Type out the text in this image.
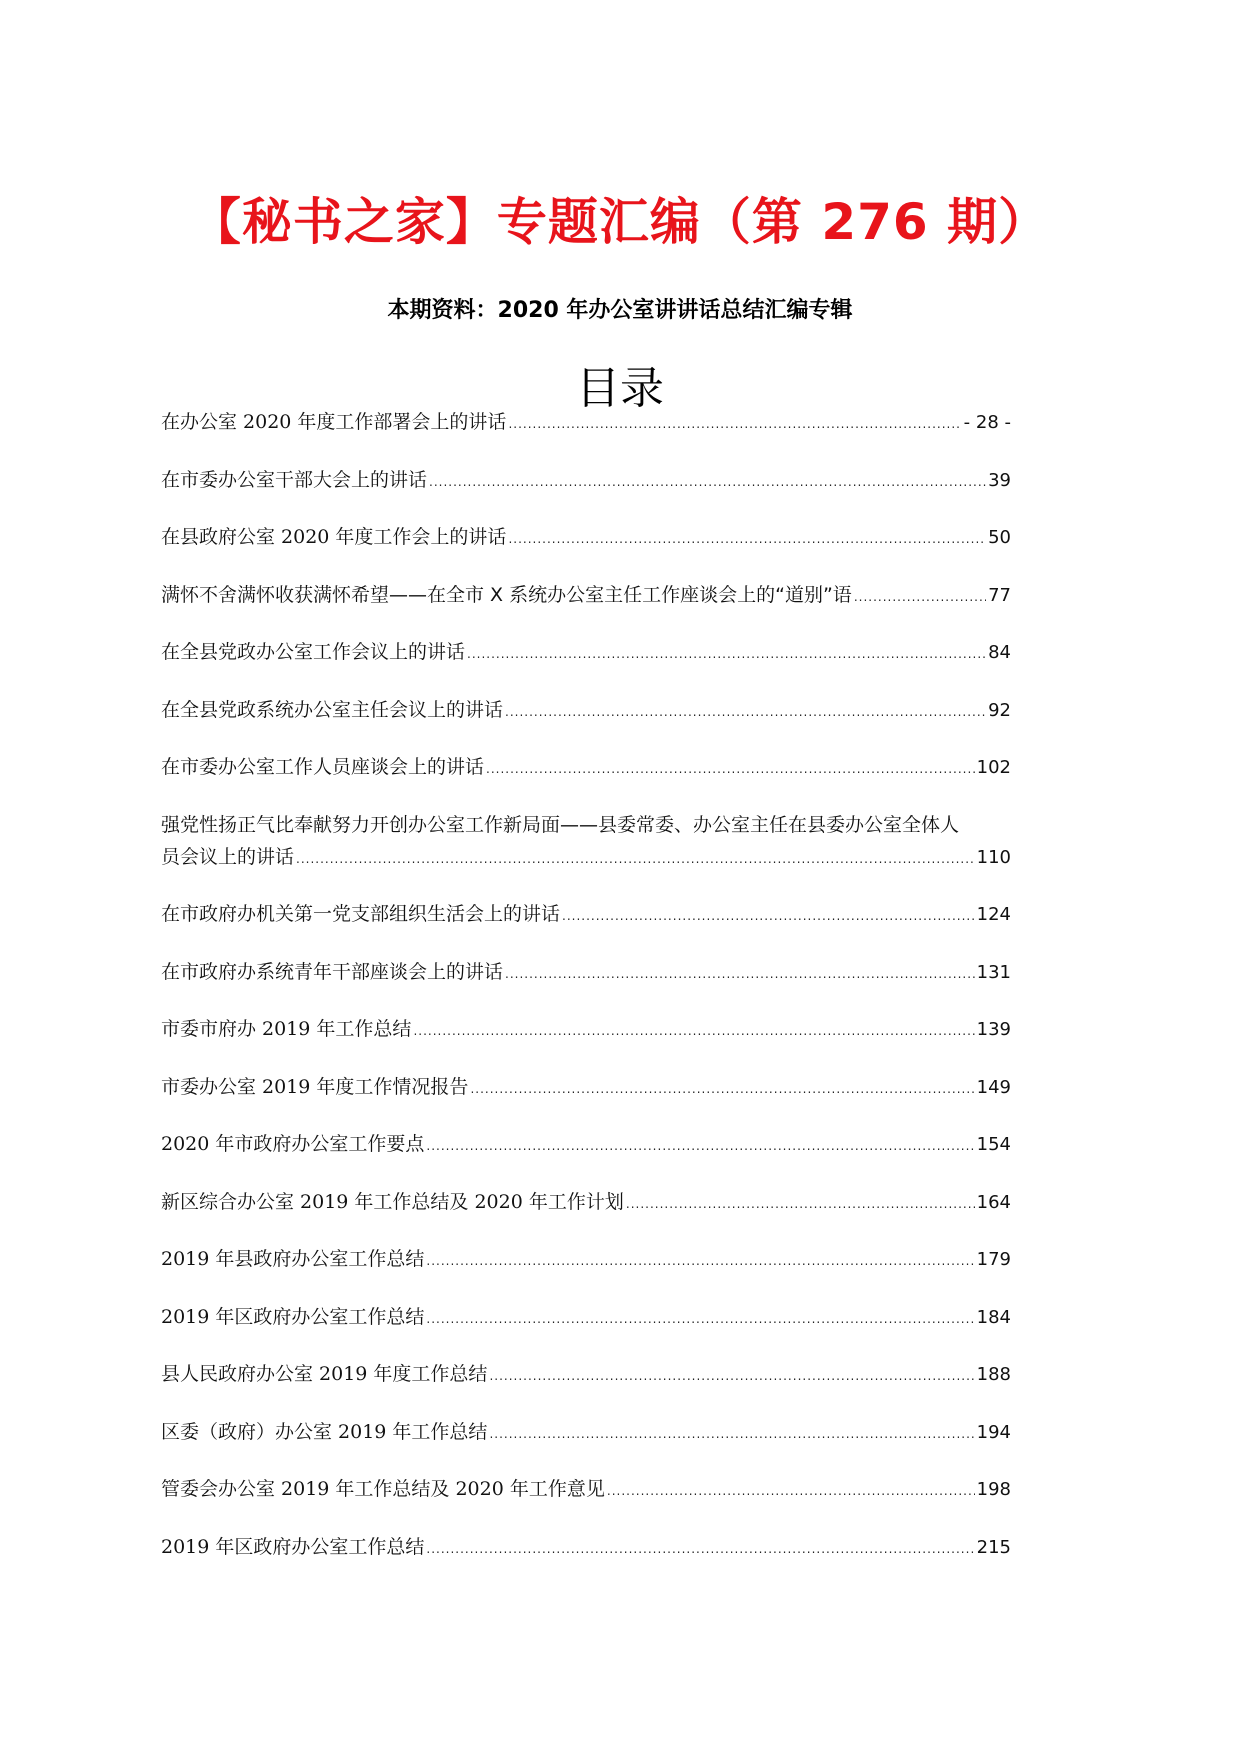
【秘书之家】专题汇编（第 276 期）
本期资料：2020 年办公室讲讲话总结汇编专辑
目录
在办公室 2020 年度工作部署会上的讲话 .....	- 28 -
在市委办公室干部大会上的讲话 .....	39
在县政府公室 2020 年度工作会上的讲话 .....	50
满怀不舍满怀收获满怀希望——在全市 X 系统办公室主任工作座谈会上的“道别”语 .....	77
在全县党政办公室工作会议上的讲话 .....	84
在全县党政系统办公室主任会议上的讲话 .....	92
在市委办公室工作人员座谈会上的讲话 .....	102
强党性扬正气比奉献努力开创办公室工作新局面——县委常委、办公室主任在县委办公室全体人
员会议上的讲话 .....	110
在市政府办机关第一党支部组织生活会上的讲话 .....	124
在市政府办系统青年干部座谈会上的讲话 .....	131
市委市府办 2019 年工作总结 .....	139
市委办公室 2019 年度工作情况报告 .....	149
2020 年市政府办公室工作要点 .....	154
新区综合办公室 2019 年工作总结及 2020 年工作计划 .....	164
2019 年县政府办公室工作总结 .....	179
2019 年区政府办公室工作总结 .....	184
县人民政府办公室 2019 年度工作总结 .....	188
区委（政府）办公室 2019 年工作总结 .....	194
管委会办公室 2019 年工作总结及 2020 年工作意见 .....	198
2019 年区政府办公室工作总结 .....	215
